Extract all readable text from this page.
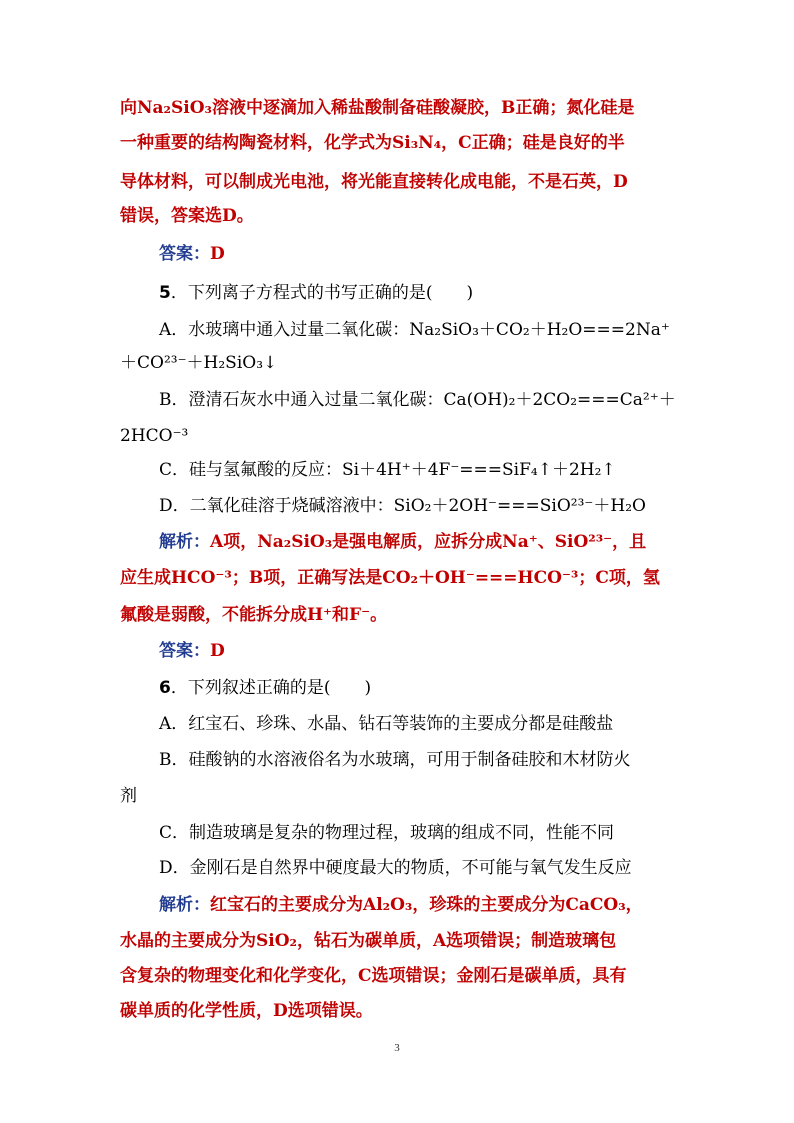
向Na₂SiO₃溶液中逐滴加入稀盐酸制备硅酸凝胶，B正确；氮化硅是
一种重要的结构陶瓷材料，化学式为Si₃N₄，C正确；硅是良好的半
导体材料，可以制成光电池，将光能直接转化成电能，不是石英，D
错误，答案选D。
答案：D
5．下列离子方程式的书写正确的是(　　)
A．水玻璃中通入过量二氧化碳：Na₂SiO₃＋CO₂＋H₂O===2Na⁺
＋CO²³⁻＋H₂SiO₃↓
B．澄清石灰水中通入过量二氧化碳：Ca(OH)₂＋2CO₂===Ca²⁺＋
2HCO⁻³
C．硅与氢氟酸的反应：Si＋4H⁺＋4F⁻===SiF₄↑＋2H₂↑
D．二氧化硅溶于烧碱溶液中：SiO₂＋2OH⁻===SiO²³⁻＋H₂O
解析：A项，Na₂SiO₃是强电解质，应拆分成Na⁺、SiO²³⁻，且
应生成HCO⁻³；B项，正确写法是CO₂＋OH⁻===HCO⁻³；C项，氢
氟酸是弱酸，不能拆分成H⁺和F⁻。
答案：D
6．下列叙述正确的是(　　)
A．红宝石、珍珠、水晶、钻石等装饰的主要成分都是硅酸盐
B．硅酸钠的水溶液俗名为水玻璃，可用于制备硅胶和木材防火
剂
C．制造玻璃是复杂的物理过程，玻璃的组成不同，性能不同
D．金刚石是自然界中硬度最大的物质，不可能与氧气发生反应
解析：红宝石的主要成分为Al₂O₃，珍珠的主要成分为CaCO₃，
水晶的主要成分为SiO₂，钻石为碳单质，A选项错误；制造玻璃包
含复杂的物理变化和化学变化，C选项错误；金刚石是碳单质，具有
碳单质的化学性质，D选项错误。
3
